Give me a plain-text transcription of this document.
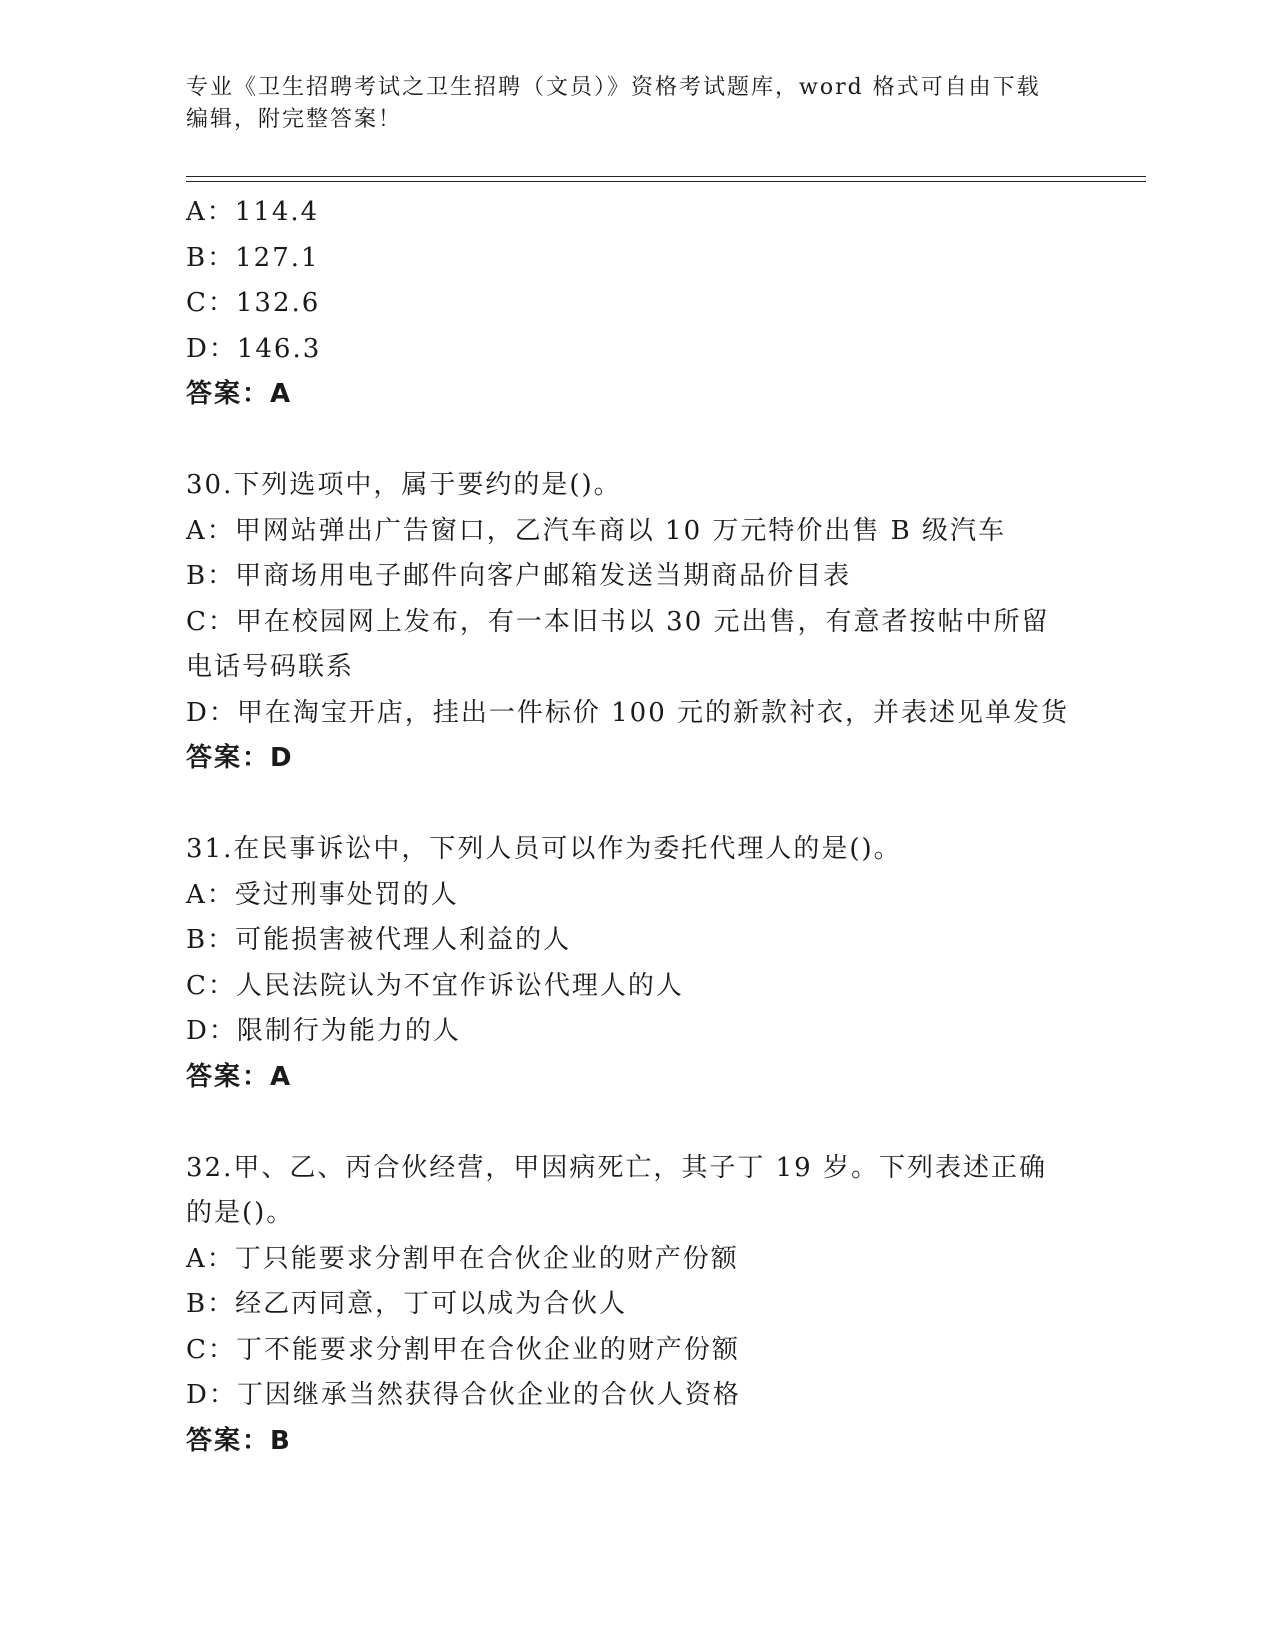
专业《卫生招聘考试之卫生招聘（文员）》资格考试题库，word 格式可自由下载
编辑，附完整答案！
A：114.4
B：127.1
C：132.6
D：146.3
答案：A
30.下列选项中，属于要约的是()。
A：甲网站弹出广告窗口，乙汽车商以 10 万元特价出售 B 级汽车
B：甲商场用电子邮件向客户邮箱发送当期商品价目表
C：甲在校园网上发布，有一本旧书以 30 元出售，有意者按帖中所留
电话号码联系
D：甲在淘宝开店，挂出一件标价 100 元的新款衬衣，并表述见单发货
答案：D
31.在民事诉讼中，下列人员可以作为委托代理人的是()。
A：受过刑事处罚的人
B：可能损害被代理人利益的人
C：人民法院认为不宜作诉讼代理人的人
D：限制行为能力的人
答案：A
32.甲、乙、丙合伙经营，甲因病死亡，其子丁 19 岁。下列表述正确
的是()。
A：丁只能要求分割甲在合伙企业的财产份额
B：经乙丙同意，丁可以成为合伙人
C：丁不能要求分割甲在合伙企业的财产份额
D：丁因继承当然获得合伙企业的合伙人资格
答案：B
